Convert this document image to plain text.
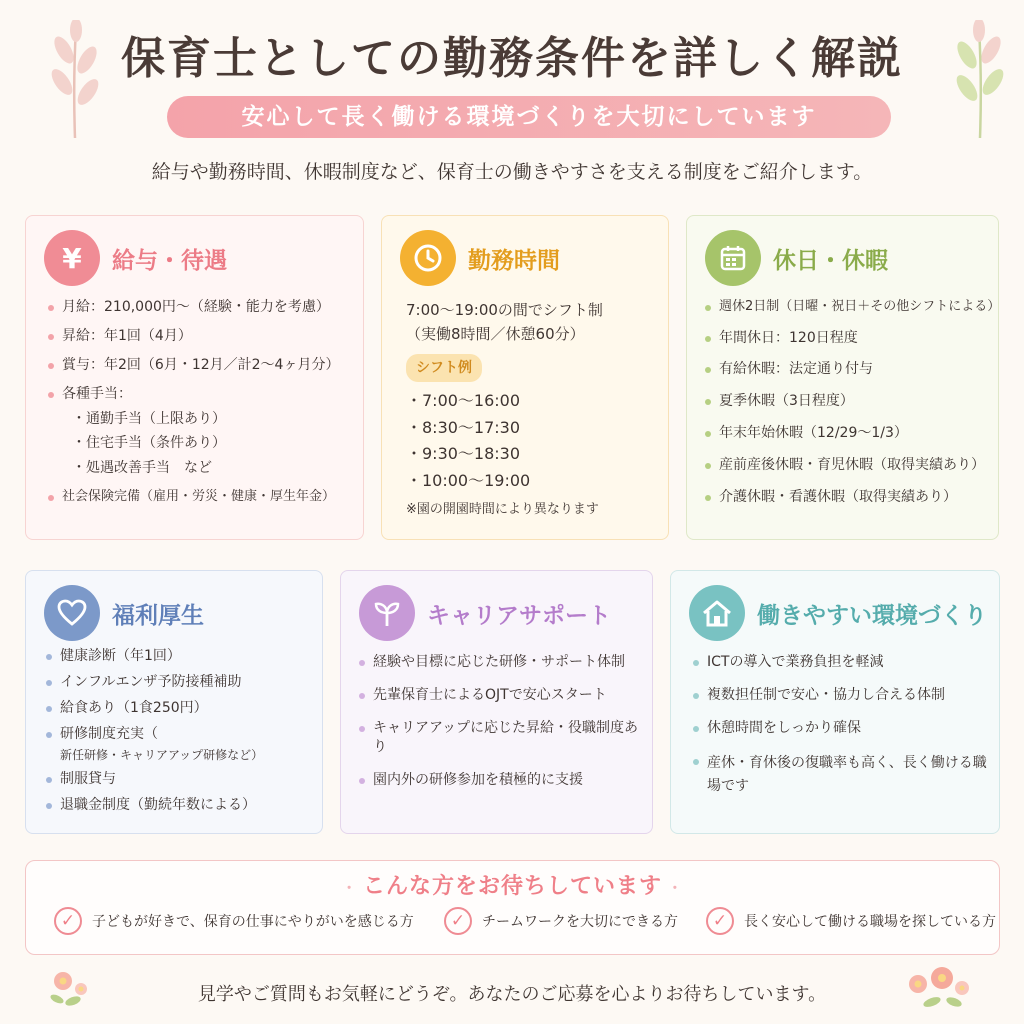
保育士としての勤務条件を詳しく解説
安心して長く働ける環境づくりを大切にしています
給与や勤務時間、休暇制度など、保育士の働きやすさを支える制度をご紹介します。
¥	給与・待遇
月給：210,000円～（経験・能力を考慮）
昇給：年1回（4月）
賞与：年2回（6月・12月／計2～4ヶ月分）
各種手当：
・通勤手当（上限あり）
・住宅手当（条件あり）
・処遇改善手当　など
社会保険完備（雇用・労災・健康・厚生年金）
勤務時間
7:00～19:00の間でシフト制
（実働8時間／休憩60分）
シフト例
・7:00～16:00
・8:30～17:30
・9:30～18:30
・10:00～19:00
※園の開園時間により異なります
休日・休暇
週休2日制（日曜・祝日＋その他シフトによる）
年間休日：120日程度
有給休暇：法定通り付与
夏季休暇（3日程度）
年末年始休暇（12/29～1/3）
産前産後休暇・育児休暇（取得実績あり）
介護休暇・看護休暇（取得実績あり）
福利厚生
健康診断（年1回）
インフルエンザ予防接種補助
給食あり（1食250円）
研修制度充実（
新任研修・キャリアアップ研修など）
制服貸与
退職金制度（勤続年数による）
キャリアサポート
経験や目標に応じた研修・サポート体制
先輩保育士によるOJTで安心スタート
キャリアアップに応じた昇給・役職制度あり
園内外の研修参加を積極的に支援
働きやすい環境づくり
ICTの導入で業務負担を軽減
複数担任制で安心・協力し合える体制
休憩時間をしっかり確保
産休・育休後の復職率も高く、長く働ける職場です
・ こんな方をお待ちしています ・
✓	子どもが好きで、保育の仕事にやりがいを感じる方	✓	チームワークを大切にできる方	✓	長く安心して働ける職場を探している方
見学やご質問もお気軽にどうぞ。あなたのご応募を心よりお待ちしています。
